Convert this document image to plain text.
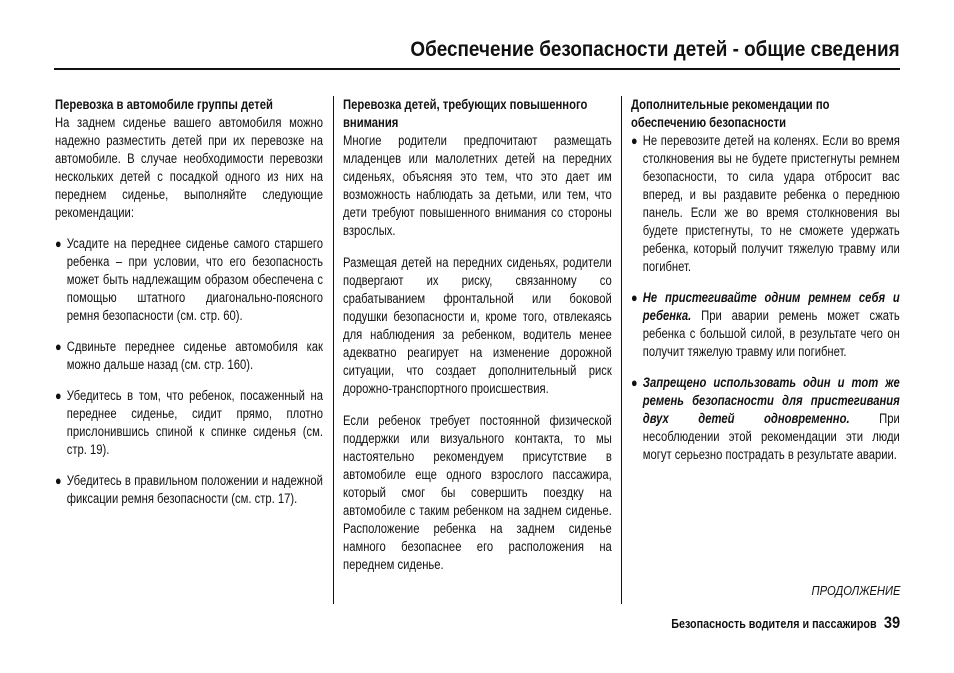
Обеспечение безопасности детей - общие сведения
Перевозка в автомобиле группы детей
На заднем сиденье вашего автомобиля можно надежно разместить детей при их перевозке на автомобиле. В случае необходимости перевозки нескольких детей с посадкой одного из них на переднем сиденье, выполняйте следующие рекомендации:
● Усадите на переднее сиденье самого старшего ребенка – при условии, что его безопасность может быть надлежащим образом обеспечена с помощью штатного диагонально-поясного ремня безопасности (см. стр. 60).
● Сдвиньте переднее сиденье автомобиля как можно дальше назад (см. стр. 160).
● Убедитесь в том, что ребенок, посаженный на переднее сиденье, сидит прямо, плотно прислонившись спиной к спинке сиденья (см. стр. 19).
● Убедитесь в правильном положении и надежной фиксации ремня безопасности (см. стр. 17).
Перевозка детей, требующих повышенного внимания
Многие родители предпочитают размещать младенцев или малолетних детей на передних сиденьях, объясняя это тем, что это дает им возможность наблюдать за детьми, или тем, что дети требуют повышенного внимания со стороны взрослых.
Размещая детей на передних сиденьях, родители подвергают их риску, связанному со срабатыванием фронтальной или боковой подушки безопасности и, кроме того, отвлекаясь для наблюдения за ребенком, водитель менее адекватно реагирует на изменение дорожной ситуации, что создает дополнительный риск дорожно-транспортного происшествия.
Если ребенок требует постоянной физической поддержки или визуального контакта, то мы настоятельно рекомендуем присутствие в автомобиле еще одного взрослого пассажира, который смог бы совершить поездку на автомобиле с таким ребенком на заднем сиденье. Расположение ребенка на заднем сиденье намного безопаснее его расположения на переднем сиденье.
Дополнительные рекомендации по обеспечению безопасности
● Не перевозите детей на коленях. Если во время столкновения вы не будете пристегнуты ремнем безопасности, то сила удара отбросит вас вперед, и вы раздавите ребенка о переднюю панель. Если же во время столкновения вы будете пристегнуты, то не сможете удержать ребенка, который получит тяжелую травму или погибнет.
● Не пристегивайте одним ремнем себя и ребенка. При аварии ремень может сжать ребенка с большой силой, в результате чего он получит тяжелую травму или погибнет.
● Запрещено использовать один и тот же ремень безопасности для пристегивания двух детей одновременно. При несоблюдении этой рекомендации эти люди могут серьезно пострадать в результате аварии.
ПРОДОЛЖЕНИЕ
Безопасность водителя и пассажиров 39
